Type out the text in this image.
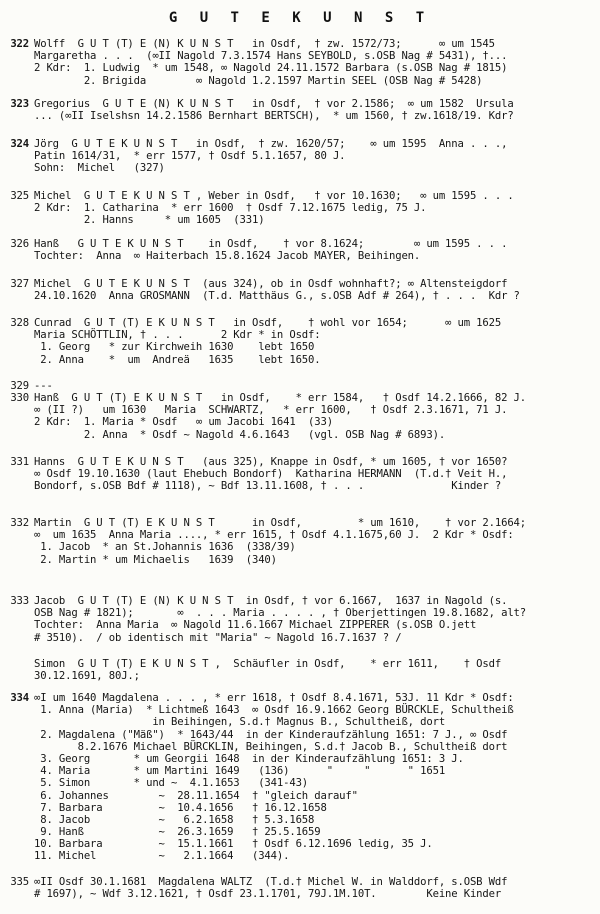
G U T E K U N S T
322 Wolff  G U T (T) E (N) K U N S T   in Osdf,  † zw. 1572/73;      ∞ um 1545
Margaretha . . .  (∞II Nagold 7.3.1574 Hans SEYBOLD, s.OSB Nag # 5431), †...
2 Kdr:  1. Ludwig  * um 1548, ∞ Nagold 24.11.1572 Barbara (s.OSB Nag # 1815)
2. Brigida        ∞ Nagold 1.2.1597 Martin SEEL (OSB Nag # 5428)
323 Gregorius  G U T E (N) K U N S T   in Osdf,  † vor 2.1586;  ∞ um 1582  Ursula
... (∞II Iselshsn 14.2.1586 Bernhart BERTSCH),  * um 1560, † zw.1618/19. Kdr?
324 Jörg  G U T E K U N S T   in Osdf,  † zw. 1620/57;    ∞ um 1595  Anna . . .,
Patin 1614/31,  * err 1577, † Osdf 5.1.1657, 80 J.
Sohn:  Michel   (327)
325 Michel  G U T E K U N S T , Weber in Osdf,   † vor 10.1630;   ∞ um 1595 . . .
2 Kdr:  1. Catharina  * err 1600  † Osdf 7.12.1675 ledig, 75 J.
2. Hanns     * um 1605  (331)
326 Hanß   G U T E K U N S T    in Osdf,    † vor 8.1624;        ∞ um 1595 . . .
Tochter:  Anna  ∞ Haiterbach 15.8.1624 Jacob MAYER, Beihingen.
327 Michel  G U T E K U N S T  (aus 324), ob in Osdf wohnhaft?; ∞ Altensteigdorf
24.10.1620  Anna GROSMANN  (T.d. Matthäus G., s.OSB Adf # 264), † . . .  Kdr ?
328 Cunrad  G U T (T) E K U N S T   in Osdf,    † wohl vor 1654;      ∞ um 1625
Maria SCHÖTTLIN, † . . .      2 Kdr * in Osdf:
1. Georg   * zur Kirchweih 1630    lebt 1650
2. Anna    *  um  Andreä   1635    lebt 1650.
329 ---
330 Hanß  G U T (T) E K U N S T   in Osdf,    * err 1584,   † Osdf 14.2.1666, 82 J.
∞ (II ?)   um 1630   Maria  SCHWARTZ,   * err 1600,   † Osdf 2.3.1671, 71 J.
2 Kdr:  1. Maria * Osdf   ∞ um Jacobi 1641  (33)
2. Anna  * Osdf ~ Nagold 4.6.1643   (vgl. OSB Nag # 6893).
331 Hanns  G U T E K U N S T   (aus 325), Knappe in Osdf, * um 1605, † vor 1650?
∞ Osdf 19.10.1630 (laut Ehebuch Bondorf)  Katharina HERMANN  (T.d.† Veit H.,
Bondorf, s.OSB Bdf # 1118), ~ Bdf 13.11.1608, † . . .              Kinder ?
332 Martin  G U T (T) E K U N S T      in Osdf,         * um 1610,    † vor 2.1664;
∞  um 1635  Anna Maria ...., * err 1615, † Osdf 4.1.1675,60 J.  2 Kdr * Osdf:
1. Jacob  * an St.Johannis 1636  (338/39)
2. Martin * um Michaelis   1639  (340)
333 Jacob  G U T (T) E (N) K U N S T  in Osdf, † vor 6.1667,  1637 in Nagold (s.
OSB Nag # 1821);       ∞  . . . Maria . . . . , † Oberjettingen 19.8.1682, alt?
Tochter:  Anna Maria  ∞ Nagold 11.6.1667 Michael ZIPPERER (s.OSB O.jett
# 3510).  / ob identisch mit "Maria" ~ Nagold 16.7.1637 ? /
Simon  G U T (T) E K U N S T ,  Schäufler in Osdf,    * err 1611,    † Osdf
30.12.1691, 80J.;
334 ∞I um 1640 Magdalena . . . , * err 1618, † Osdf 8.4.1671, 53J. 11 Kdr * Osdf:
1. Anna (Maria)  * Lichtmeß 1643  ∞ Osdf 16.9.1662 Georg BÜRCKLE, Schultheiß
in Beihingen, S.d.† Magnus B., Schultheiß, dort
2. Magdalena ("Mäß")  * 1643/44  in der Kinderaufzählung 1651: 7 J., ∞ Osdf
8.2.1676 Michael BÜRCKLIN, Beihingen, S.d.† Jacob B., Schultheiß dort
3. Georg       * um Georgii 1648  in der Kinderaufzählung 1651: 3 J.
4. Maria       * um Martini 1649   (136)      "     "      " 1651
5. Simon       * und ~  4.1.1653   (341-43)
6. Johannes        ~  28.11.1654  † "gleich darauf"
7. Barbara         ~  10.4.1656   † 16.12.1658
8. Jacob           ~   6.2.1658   † 5.3.1658
9. Hanß            ~  26.3.1659   † 25.5.1659
10. Barbara         ~  15.1.1661   † Osdf 6.12.1696 ledig, 35 J.
11. Michel          ~   2.1.1664   (344).
335 ∞II Osdf 30.1.1681  Magdalena WALTZ  (T.d.† Michel W. in Walddorf, s.OSB Wdf
# 1697), ~ Wdf 3.12.1621, † Osdf 23.1.1701, 79J.1M.10T.        Keine Kinder
